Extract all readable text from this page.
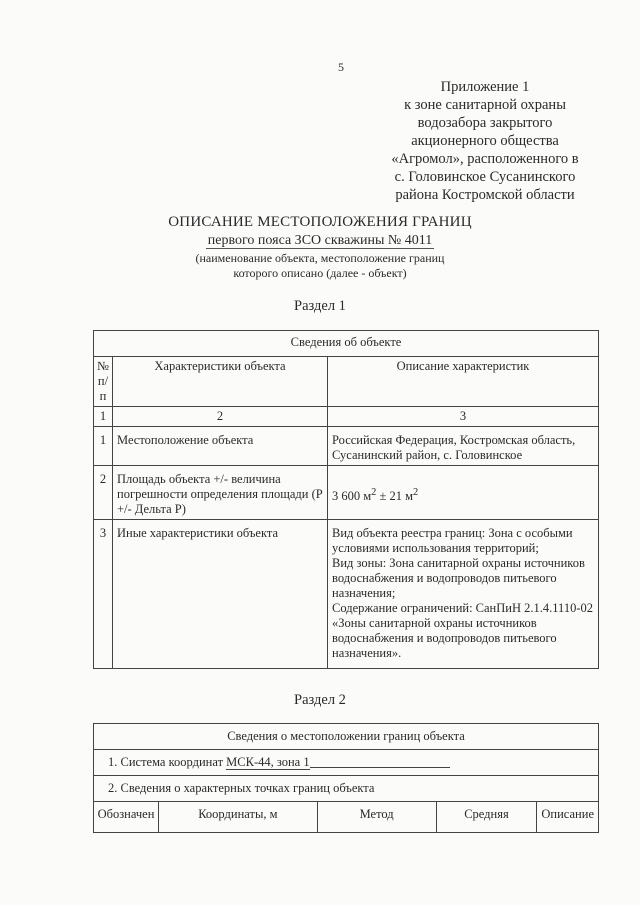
5
Приложение 1
к зоне санитарной охраны
водозабора закрытого
акционерного общества
«Агромол», расположенного в
с. Головинское Сусанинского
района Костромской области
ОПИСАНИЕ МЕСТОПОЛОЖЕНИЯ ГРАНИЦ
первого пояса ЗСО скважины № 4011
(наименование объекта, местоположение границ
которого описано (далее - объект)
Раздел 1
Сведения об объекте		
№ п/п	Характеристики объекта	Описание характеристик
1	2	3
1	Местоположение объекта	Российская Федерация, Костромская область, Сусанинский район, с. Головинское
2	Площадь объекта +/- величина погрешности определения площади (Р +/- Дельта Р)	3 600 $м^2 \pm 21$ $м^2$
3	Иные характеристики объекта	Вид объекта реестра границ: Зона с особыми условиями использования территорий;
Вид зоны: Зона санитарной охраны источников водоснабжения и водопроводов питьевого назначения;
Содержание ограничений: СанПиН 2.1.4.1110-02 «Зоны санитарной охраны источников водоснабжения и водопроводов питьевого назначения».
Раздел 2
Сведения о местоположении границ объекта
1. Система координат МСК-44, зона 1
2. Сведения о характерных точках границ объекта
Обозначен	Координаты, м	Метод	Средняя	Описание
